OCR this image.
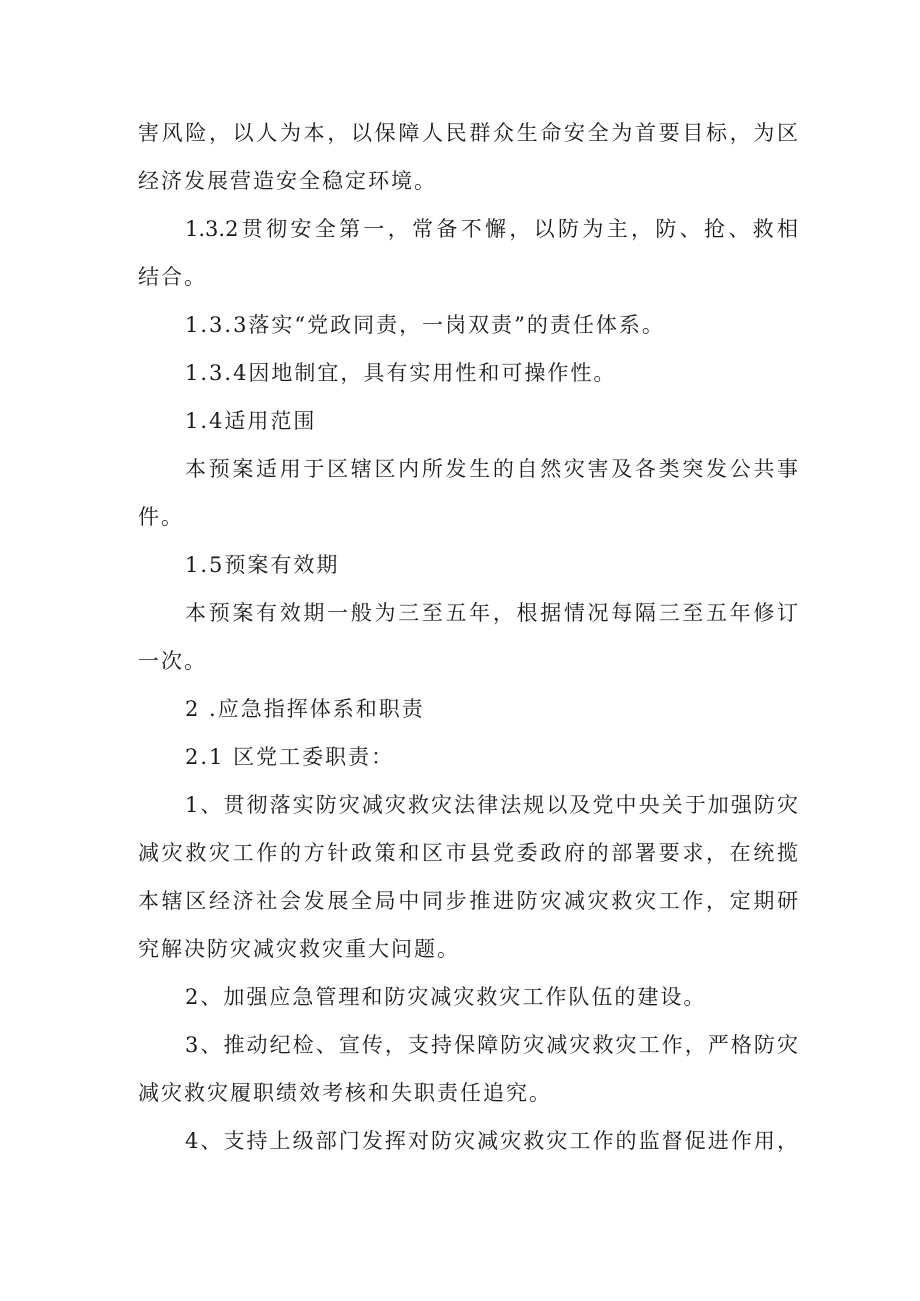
害风险，以人为本，以保障人民群众生命安全为首要目标，为区

经济发展营造安全稳定环境。

1.3.2贯彻安全第一，常备不懈，以防为主，防、抢、救相

结合。

1.3.3落实“党政同责，一岗双责”的责任体系。

1.3.4因地制宜，具有实用性和可操作性。

1.4适用范围

本预案适用于区辖区内所发生的自然灾害及各类突发公共事

件。

1.5预案有效期

本预案有效期一般为三至五年，根据情况每隔三至五年修订

一次。

2 .应急指挥体系和职责

2.1 区党工委职责：

1、贯彻落实防灾减灾救灾法律法规以及党中央关于加强防灾

减灾救灾工作的方针政策和区市县党委政府的部署要求，在统揽

本辖区经济社会发展全局中同步推进防灾减灾救灾工作，定期研

究解决防灾减灾救灾重大问题。

2、加强应急管理和防灾减灾救灾工作队伍的建设。

3、推动纪检、宣传，支持保障防灾减灾救灾工作，严格防灾

减灾救灾履职绩效考核和失职责任追究。

4、支持上级部门发挥对防灾减灾救灾工作的监督促进作用，
